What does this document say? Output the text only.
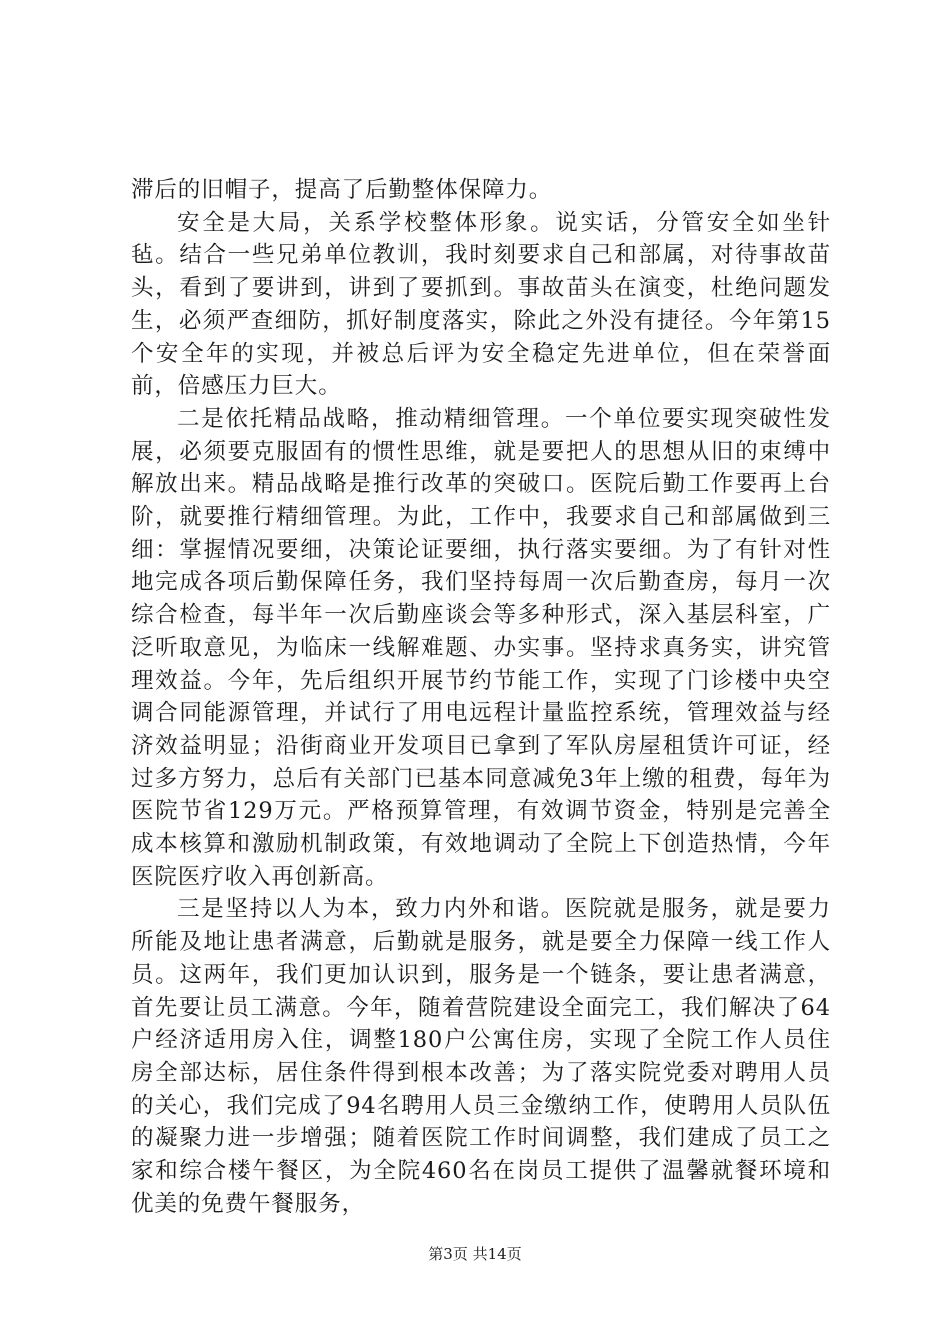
滞后的旧帽子，提高了后勤整体保障力。

安全是大局，关系学校整体形象。说实话，分管安全如坐针毡。结合一些兄弟单位教训，我时刻要求自己和部属，对待事故苗头，看到了要讲到，讲到了要抓到。事故苗头在演变，杜绝问题发生，必须严查细防，抓好制度落实，除此之外没有捷径。今年第15个安全年的实现，并被总后评为安全稳定先进单位，但在荣誉面前，倍感压力巨大。

二是依托精品战略，推动精细管理。一个单位要实现突破性发展，必须要克服固有的惯性思维，就是要把人的思想从旧的束缚中解放出来。精品战略是推行改革的突破口。医院后勤工作要再上台阶，就要推行精细管理。为此，工作中，我要求自己和部属做到三细：掌握情况要细，决策论证要细，执行落实要细。为了有针对性地完成各项后勤保障任务，我们坚持每周一次后勤查房，每月一次综合检查，每半年一次后勤座谈会等多种形式，深入基层科室，广泛听取意见，为临床一线解难题、办实事。坚持求真务实，讲究管理效益。今年，先后组织开展节约节能工作，实现了门诊楼中央空调合同能源管理，并试行了用电远程计量监控系统，管理效益与经济效益明显；沿街商业开发项目已拿到了军队房屋租赁许可证，经过多方努力，总后有关部门已基本同意减免3年上缴的租费，每年为医院节省129万元。严格预算管理，有效调节资金，特别是完善全成本核算和激励机制政策，有效地调动了全院上下创造热情，今年医院医疗收入再创新高。

三是坚持以人为本，致力内外和谐。医院就是服务，就是要力所能及地让患者满意，后勤就是服务，就是要全力保障一线工作人员。这两年，我们更加认识到，服务是一个链条，要让患者满意，首先要让员工满意。今年，随着营院建设全面完工，我们解决了64户经济适用房入住，调整180户公寓住房，实现了全院工作人员住房全部达标，居住条件得到根本改善；为了落实院党委对聘用人员的关心，我们完成了94名聘用人员三金缴纳工作，使聘用人员队伍的凝聚力进一步增强；随着医院工作时间调整，我们建成了员工之家和综合楼午餐区，为全院460名在岗员工提供了温馨就餐环境和优美的免费午餐服务，

第3页 共14页
